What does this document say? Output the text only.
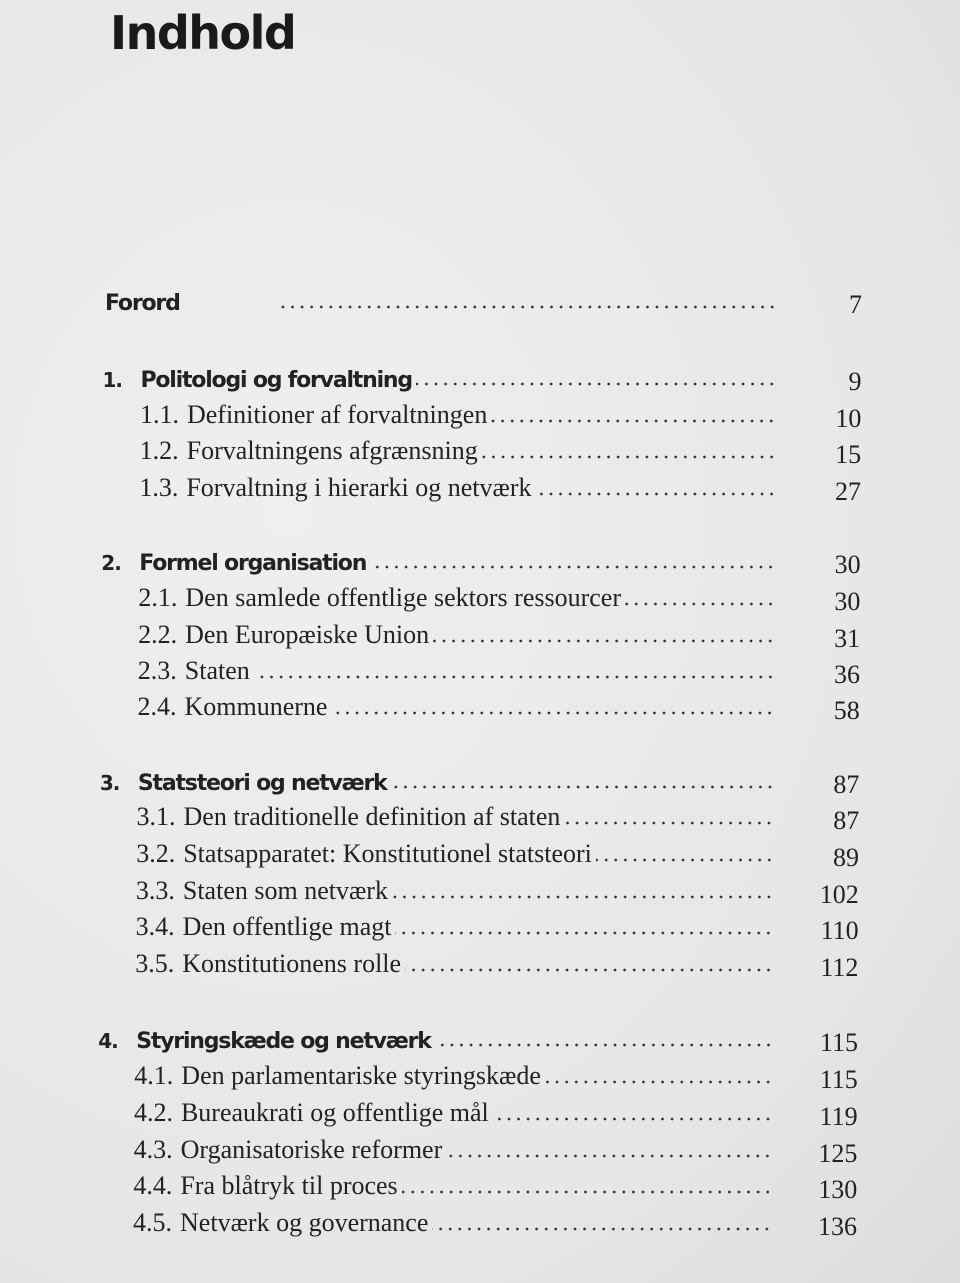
Indhold
Forord	7
1. Politologi og forvaltning	9
1.1. Definitioner af forvaltningen	10
1.2. Forvaltningens afgrænsning	15
1.3. Forvaltning i hierarki og netværk	27
2. Formel organisation	30
2.1. Den samlede offentlige sektors ressourcer	30
2.2. Den Europæiske Union	31
2.3. Staten	36
2.4. Kommunerne	58
3. Statsteori og netværk	87
3.1. Den traditionelle definition af staten	87
3.2. Statsapparatet: Konstitutionel statsteori	89
3.3. Staten som netværk	102
3.4. Den offentlige magt	110
3.5. Konstitutionens rolle	112
4. Styringskæde og netværk	115
4.1. Den parlamentariske styringskæde	115
4.2. Bureaukrati og offentlige mål	119
4.3. Organisatoriske reformer	125
4.4. Fra blåtryk til proces	130
4.5. Netværk og governance	136
